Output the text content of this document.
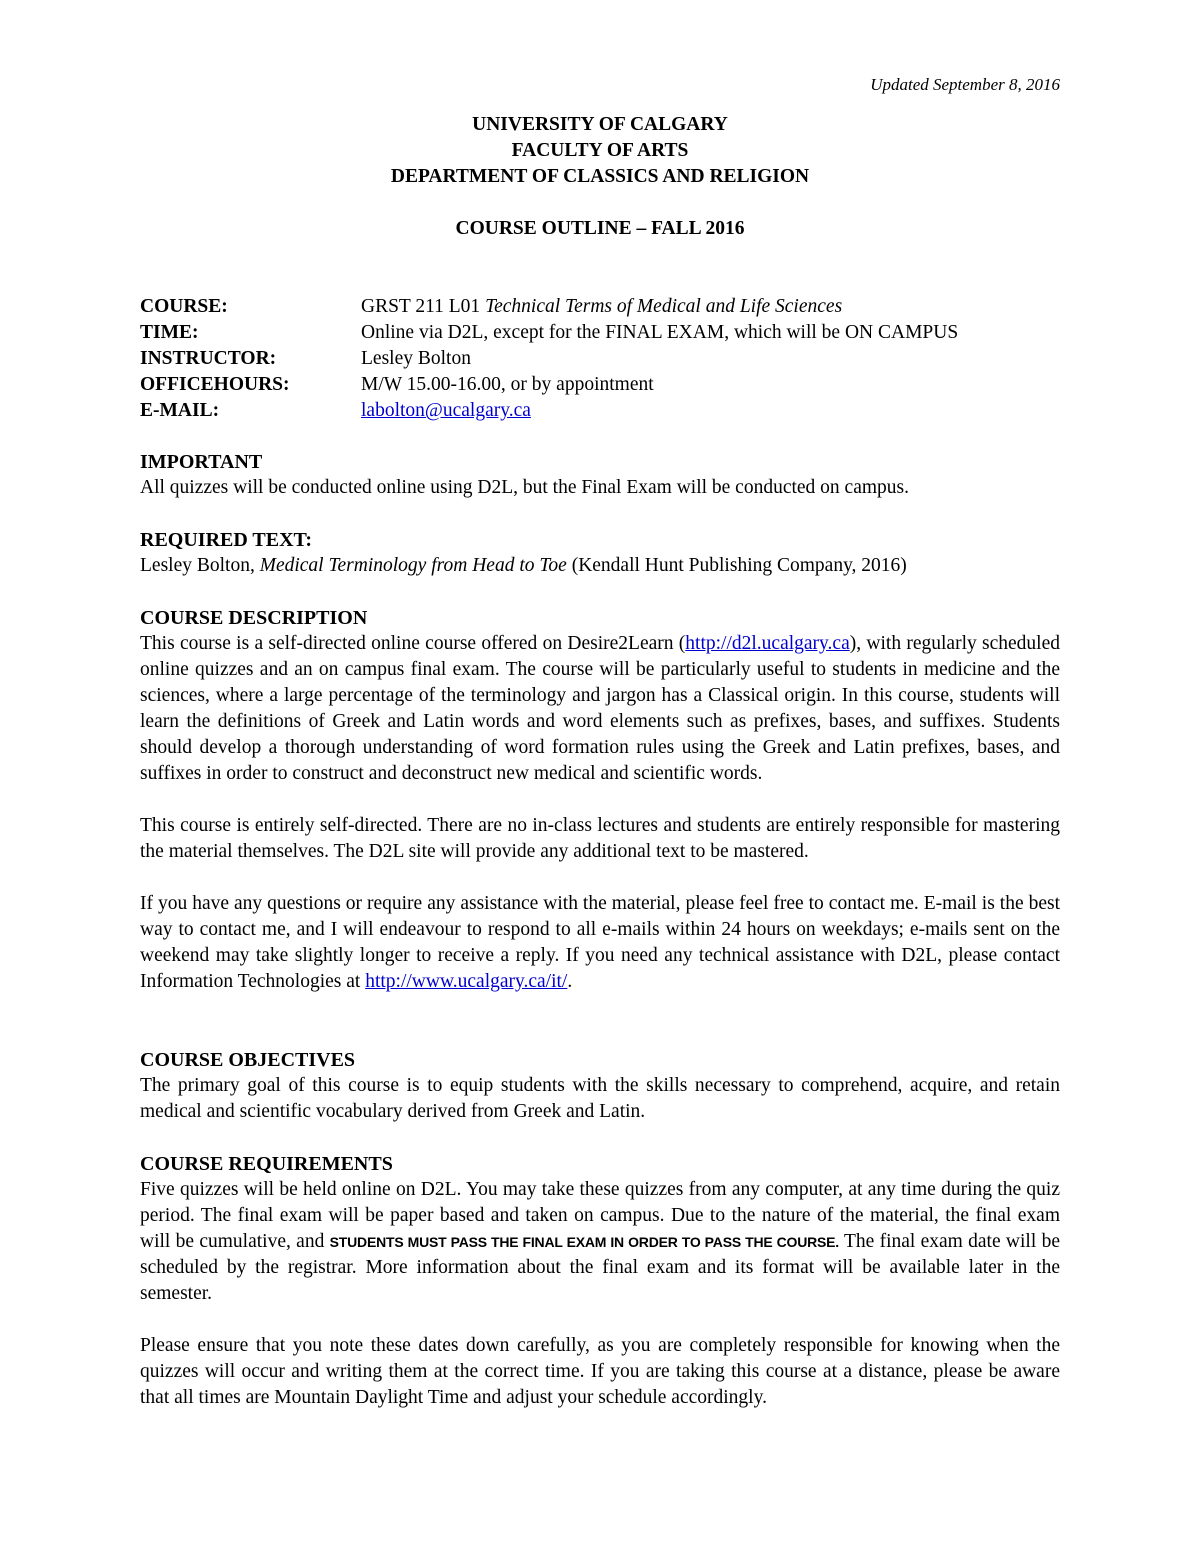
Updated September 8, 2016
UNIVERSITY OF CALGARY
FACULTY OF ARTS
DEPARTMENT OF CLASSICS AND RELIGION
COURSE OUTLINE – FALL 2016
COURSE:	GRST 211 L01 Technical Terms of Medical and Life Sciences
TIME:	Online via D2L, except for the FINAL EXAM, which will be ON CAMPUS
INSTRUCTOR:	Lesley Bolton
OFFICEHOURS:	M/W 15.00-16.00, or by appointment
E-MAIL:	labolton@ucalgary.ca
IMPORTANT
All quizzes will be conducted online using D2L, but the Final Exam will be conducted on campus.
REQUIRED TEXT:
Lesley Bolton, Medical Terminology from Head to Toe (Kendall Hunt Publishing Company, 2016)
COURSE DESCRIPTION

This course is a self-directed online course offered on Desire2Learn (http://d2l.ucalgary.ca), with regularly scheduled online quizzes and an on campus final exam. The course will be particularly useful to students in medicine and the sciences, where a large percentage of the terminology and jargon has a Classical origin. In this course, students will learn the definitions of Greek and Latin words and word elements such as prefixes, bases, and suffixes. Students should develop a thorough understanding of word formation rules using the Greek and Latin prefixes, bases, and suffixes in order to construct and deconstruct new medical and scientific words.

This course is entirely self-directed. There are no in-class lectures and students are entirely responsible for mastering the material themselves. The D2L site will provide any additional text to be mastered.

If you have any questions or require any assistance with the material, please feel free to contact me. E-mail is the best way to contact me, and I will endeavour to respond to all e-mails within 24 hours on weekdays; e-mails sent on the weekend may take slightly longer to receive a reply. If you need any technical assistance with D2L, please contact Information Technologies at http://www.ucalgary.ca/it/.

COURSE OBJECTIVES
The primary goal of this course is to equip students with the skills necessary to comprehend, acquire, and retain medical and scientific vocabulary derived from Greek and Latin.
COURSE REQUIREMENTS

Five quizzes will be held online on D2L. You may take these quizzes from any computer, at any time during the quiz period. The final exam will be paper based and taken on campus. Due to the nature of the material, the final exam will be cumulative, and STUDENTS MUST PASS THE FINAL EXAM IN ORDER TO PASS THE COURSE. The final exam date will be scheduled by the registrar. More information about the final exam and its format will be available later in the semester.

Please ensure that you note these dates down carefully, as you are completely responsible for knowing when the quizzes will occur and writing them at the correct time. If you are taking this course at a distance, please be aware that all times are Mountain Daylight Time and adjust your schedule accordingly.
